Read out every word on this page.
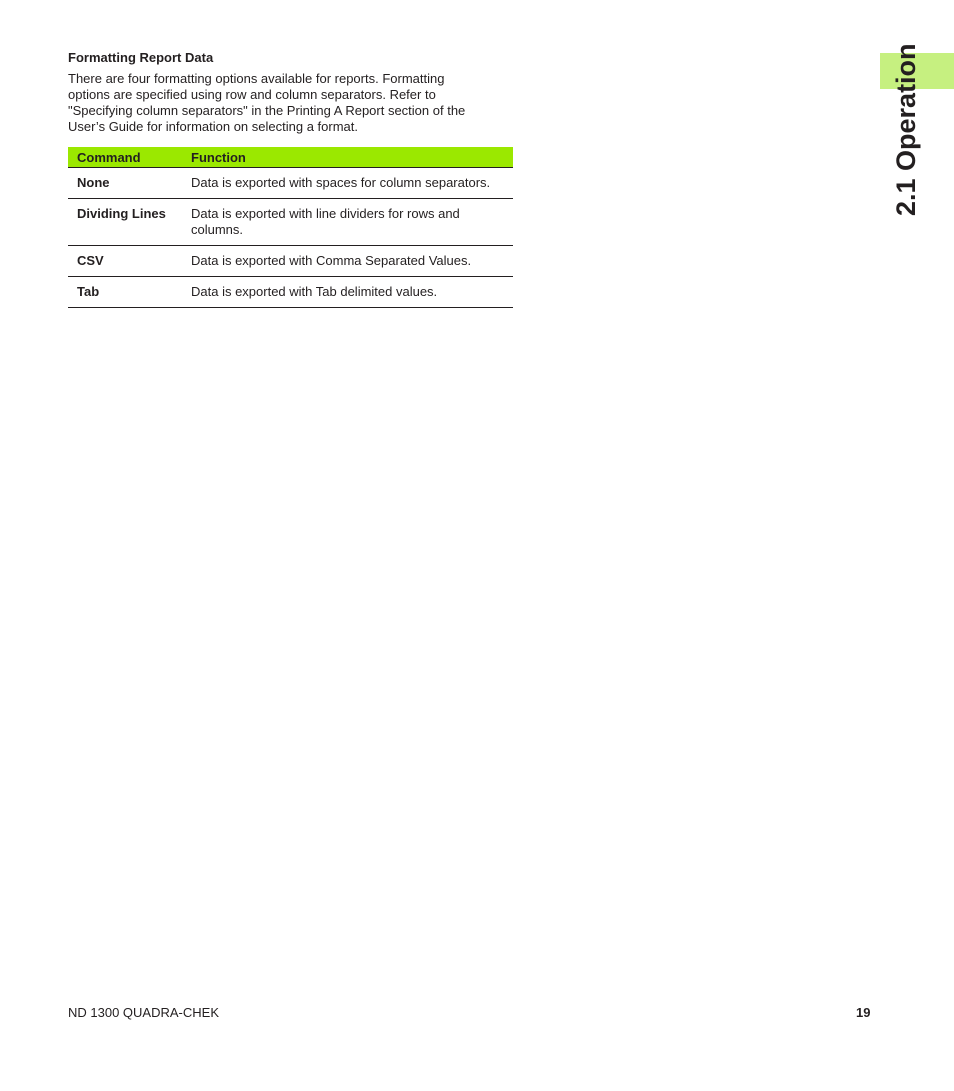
Formatting Report Data

There are four formatting options available for reports. Formatting
options are specified using row and column separators. Refer to
"Specifying column separators" in the Printing A Report section of the
User’s Guide for information on selecting a format.

Command	Function
None	Data is exported with spaces for column separators.
Dividing Lines	Data is exported with line dividers for rows and columns.
CSV	Data is exported with Comma Separated Values.
Tab	Data is exported with Tab delimited values.
2.1 Operation
ND 1300 QUADRA-CHEK	19
